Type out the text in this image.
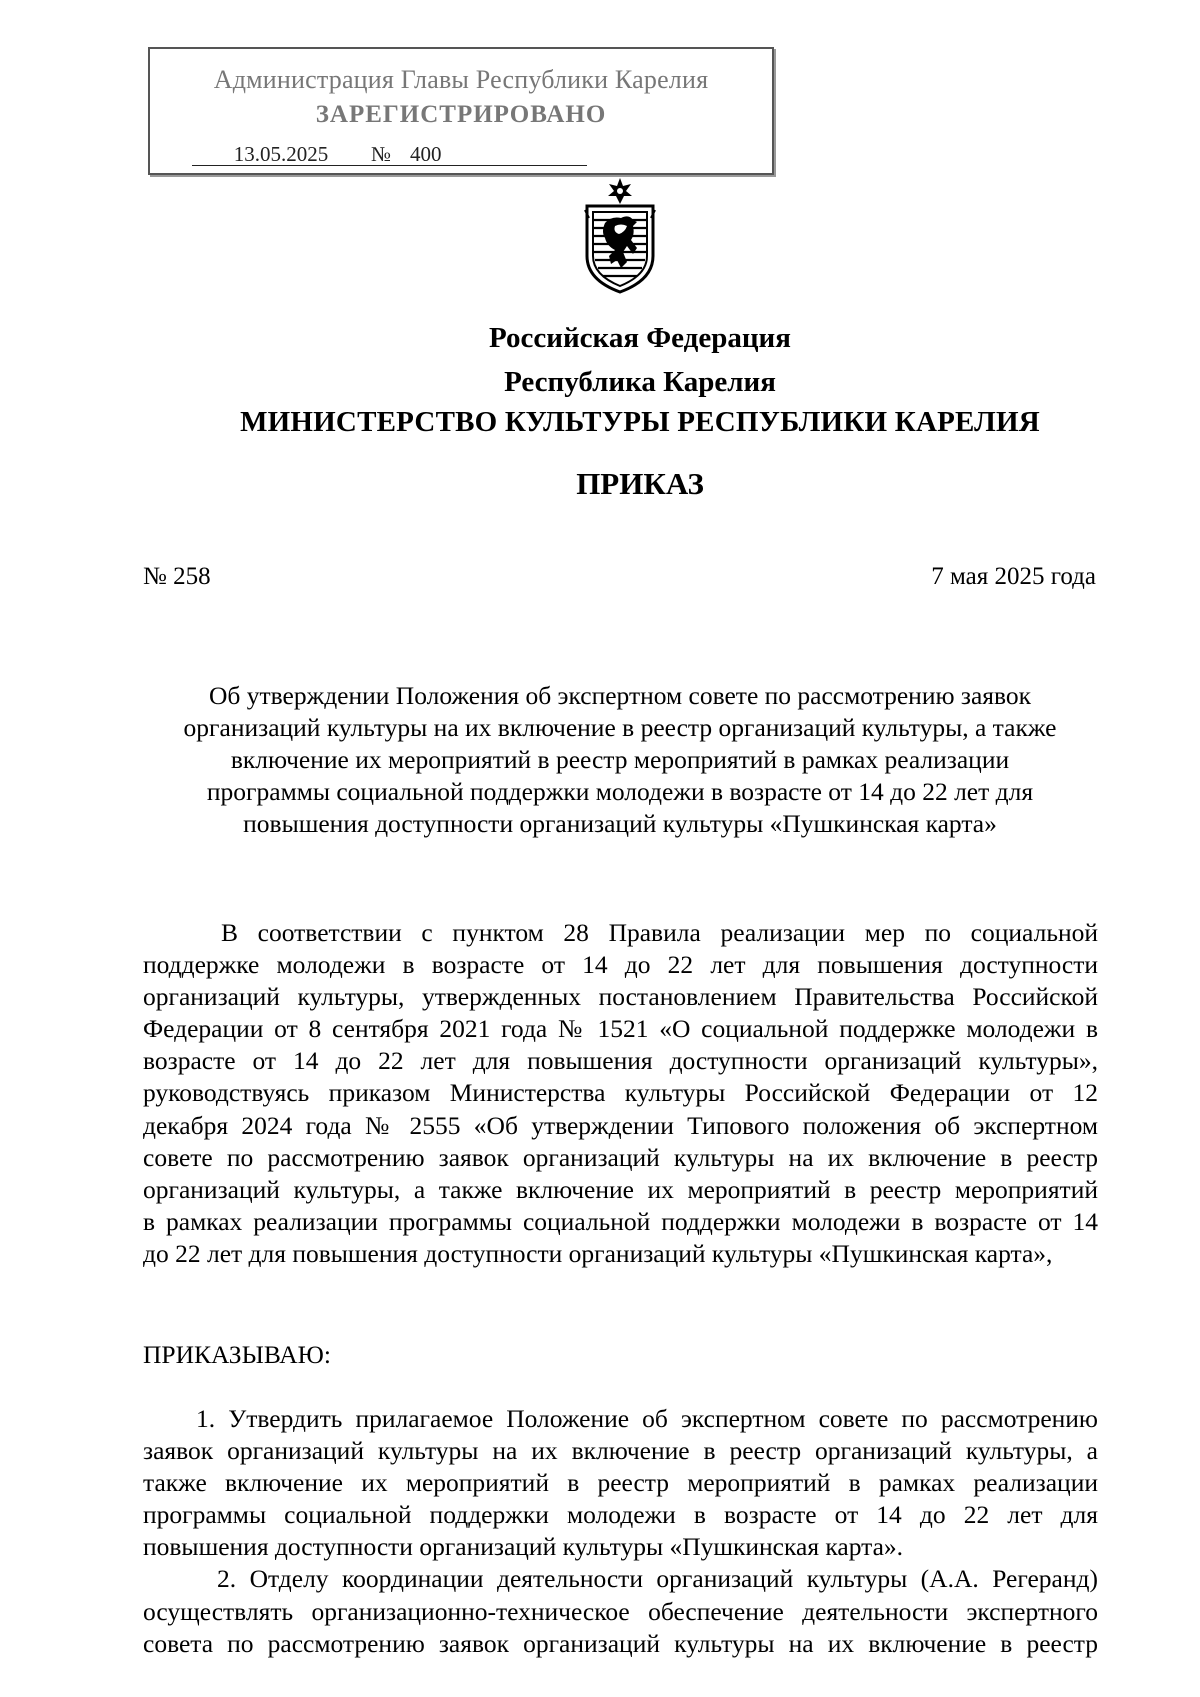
Администрация Главы Республики Карелия
ЗАРЕГИСТРИРОВАНО
13.05.2025	№ 400
Российская Федерация
Республика Карелия
МИНИСТЕРСТВО КУЛЬТУРЫ РЕСПУБЛИКИ КАРЕЛИЯ
ПРИКАЗ
№ 258	7 мая 2025 года
Об утверждении Положения об экспертном совете по рассмотрению заявок
организаций культуры на их включение в реестр организаций культуры, а также
включение их мероприятий в реестр мероприятий в рамках реализации
программы социальной поддержки молодежи в возрасте от 14 до 22 лет для
повышения доступности организаций культуры «Пушкинская карта»
В соответствии с пунктом 28 Правила реализации мер по социальной
поддержке молодежи в возрасте от 14 до 22 лет для повышения доступности
организаций культуры, утвержденных постановлением Правительства Российской
Федерации от 8 сентября 2021 года № 1521 «О социальной поддержке молодежи в
возрасте от 14 до 22 лет для повышения доступности организаций культуры»,
руководствуясь приказом Министерства культуры Российской Федерации от 12
декабря 2024 года № 2555 «Об утверждении Типового положения об экспертном
совете по рассмотрению заявок организаций культуры на их включение в реестр
организаций культуры, а также включение их мероприятий в реестр мероприятий
в рамках реализации программы социальной поддержки молодежи в возрасте от 14
до 22 лет для повышения доступности организаций культуры «Пушкинская карта»,
ПРИКАЗЫВАЮ:
1. Утвердить прилагаемое Положение об экспертном совете по рассмотрению
заявок организаций культуры на их включение в реестр организаций культуры, а
также включение их мероприятий в реестр мероприятий в рамках реализации
программы социальной поддержки молодежи в возрасте от 14 до 22 лет для
повышения доступности организаций культуры «Пушкинская карта».
2. Отделу координации деятельности организаций культуры (А.А. Регеранд)
осуществлять организационно-техническое обеспечение деятельности экспертного
совета по рассмотрению заявок организаций культуры на их включение в реестр
